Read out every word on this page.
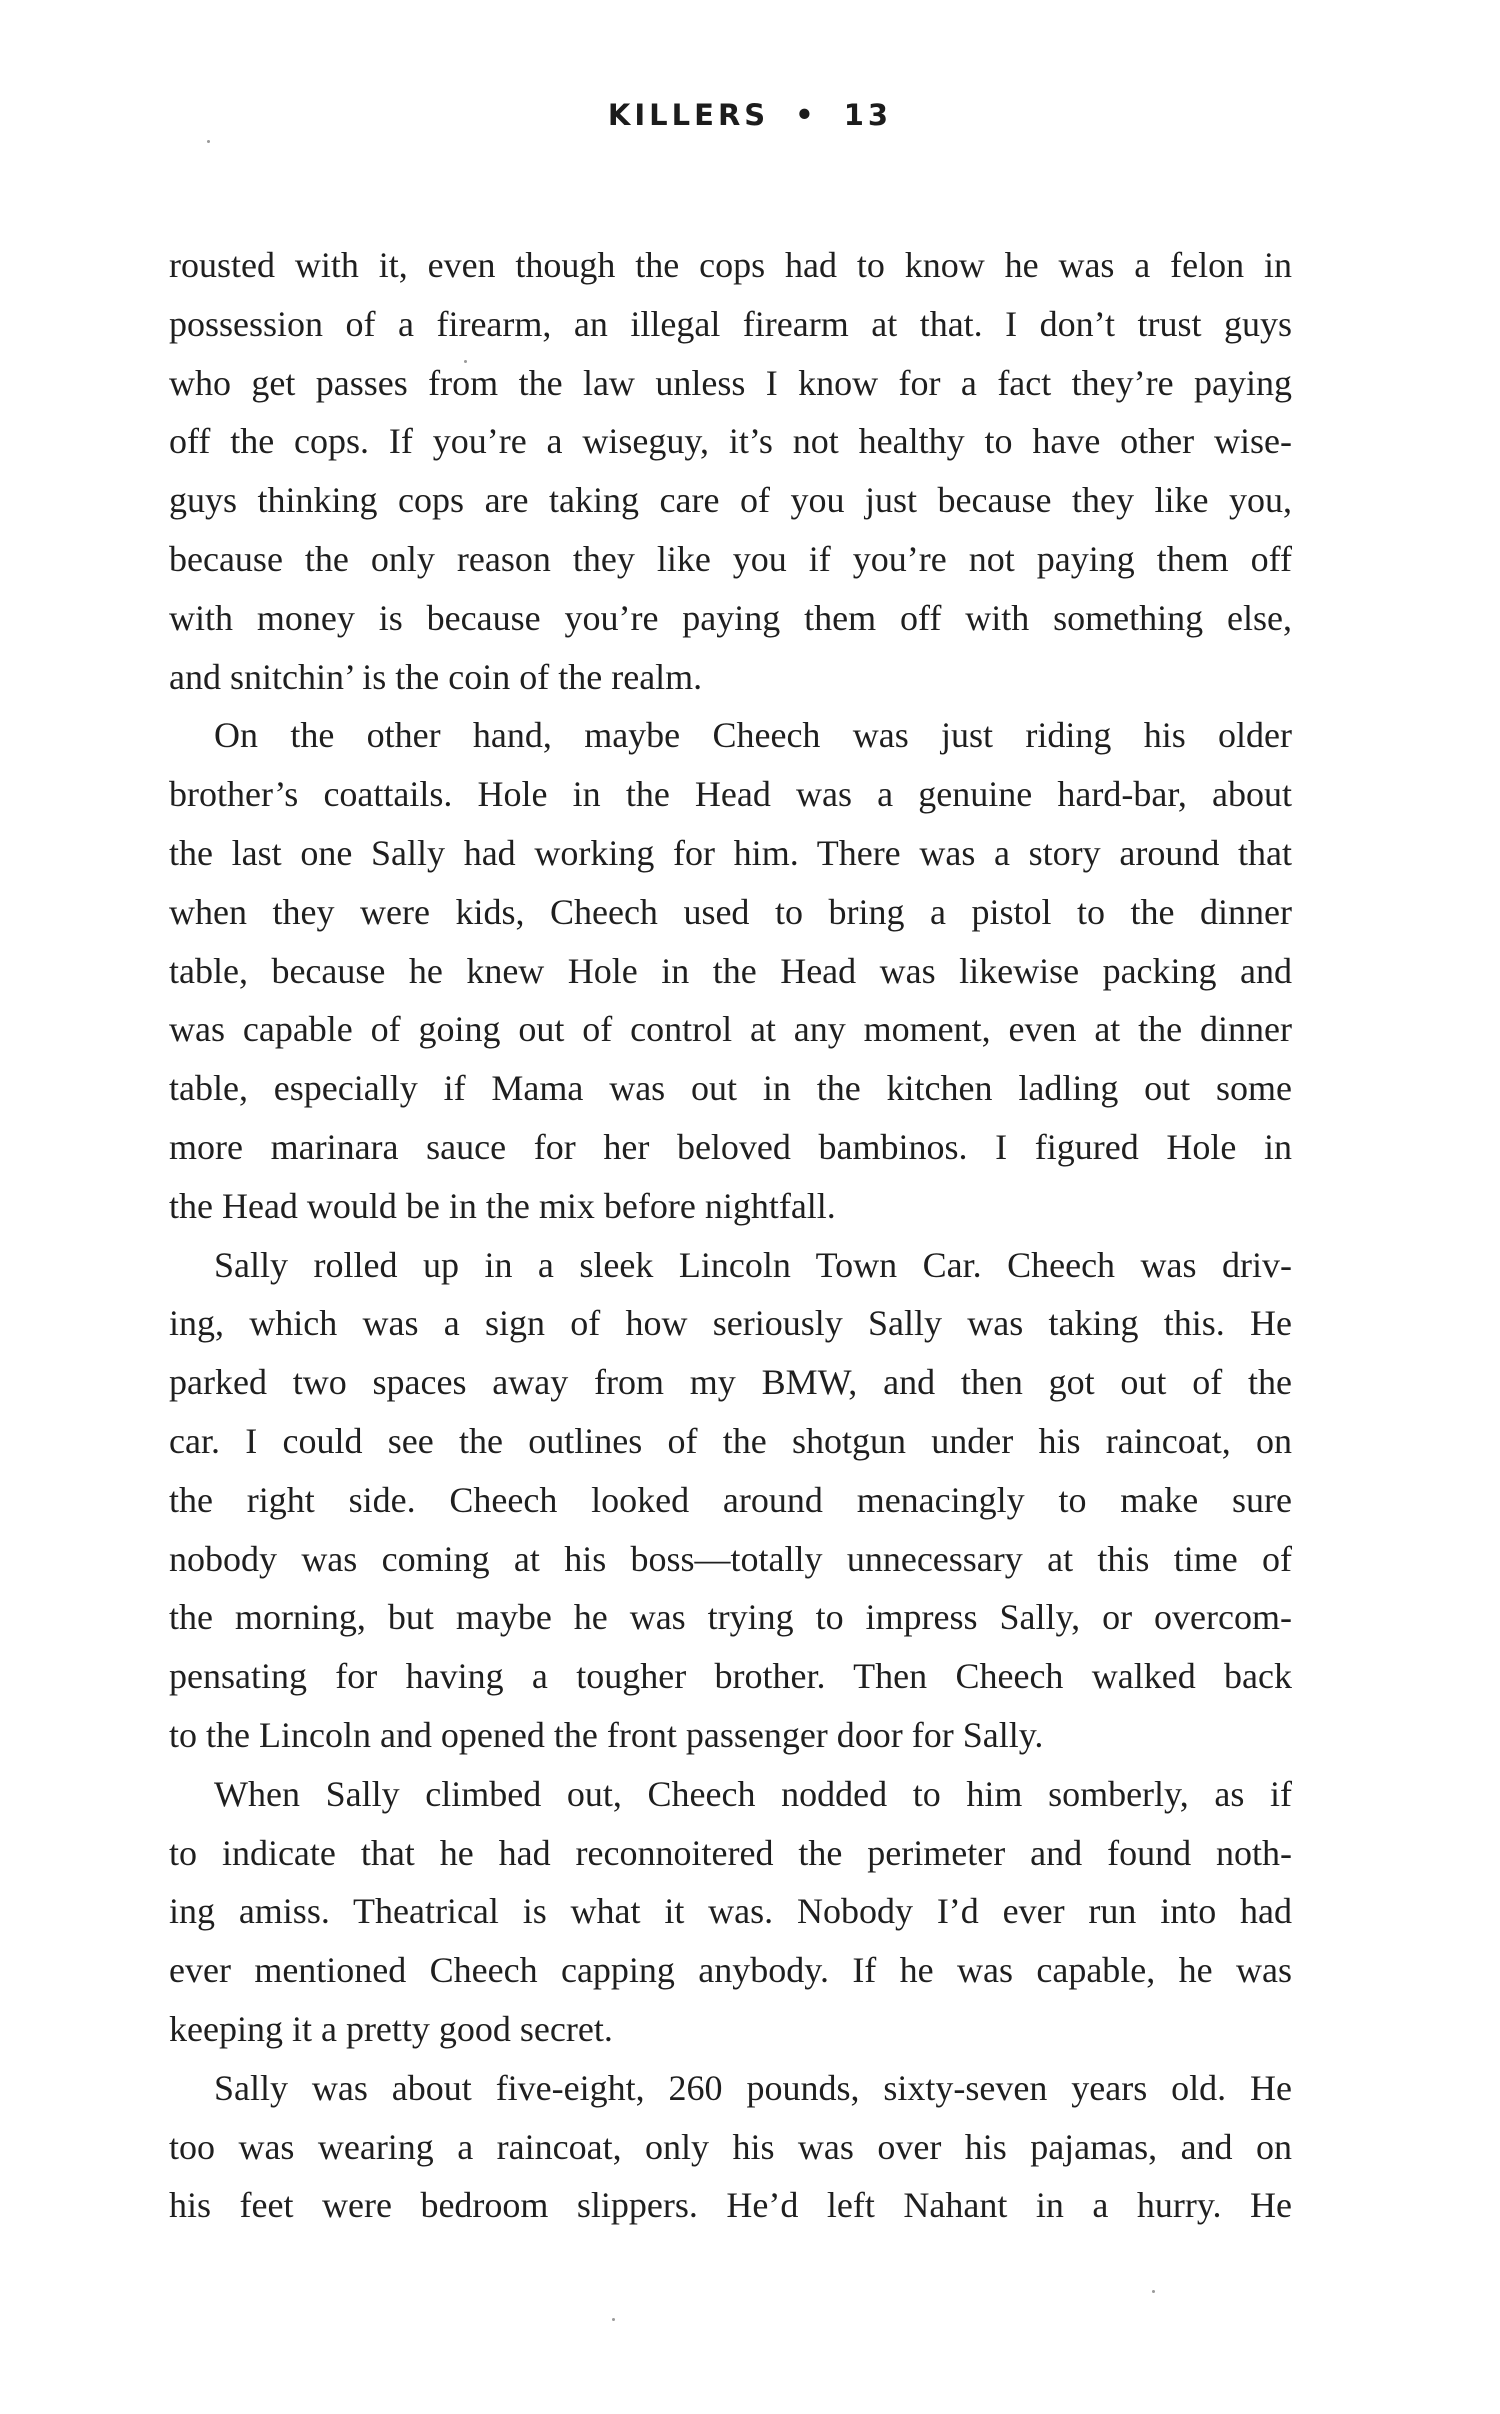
KILLERS • 13

rousted with it, even though the cops had to know he was a felon in
possession of a firearm, an illegal firearm at that. I don’t trust guys
who get passes from the law unless I know for a fact they’re paying
off the cops. If you’re a wiseguy, it’s not healthy to have other wise-
guys thinking cops are taking care of you just because they like you,
because the only reason they like you if you’re not paying them off
with money is because you’re paying them off with something else,
and snitchin’ is the coin of the realm.

On the other hand, maybe Cheech was just riding his older
brother’s coattails. Hole in the Head was a genuine hard-bar, about
the last one Sally had working for him. There was a story around that
when they were kids, Cheech used to bring a pistol to the dinner
table, because he knew Hole in the Head was likewise packing and
was capable of going out of control at any moment, even at the dinner
table, especially if Mama was out in the kitchen ladling out some
more marinara sauce for her beloved bambinos. I figured Hole in
the Head would be in the mix before nightfall.

Sally rolled up in a sleek Lincoln Town Car. Cheech was driv-
ing, which was a sign of how seriously Sally was taking this. He
parked two spaces away from my BMW, and then got out of the
car. I could see the outlines of the shotgun under his raincoat, on
the right side. Cheech looked around menacingly to make sure
nobody was coming at his boss—totally unnecessary at this time of
the morning, but maybe he was trying to impress Sally, or overcom-
pensating for having a tougher brother. Then Cheech walked back
to the Lincoln and opened the front passenger door for Sally.

When Sally climbed out, Cheech nodded to him somberly, as if
to indicate that he had reconnoitered the perimeter and found noth-
ing amiss. Theatrical is what it was. Nobody I’d ever run into had
ever mentioned Cheech capping anybody. If he was capable, he was
keeping it a pretty good secret.

Sally was about five-eight, 260 pounds, sixty-seven years old. He
too was wearing a raincoat, only his was over his pajamas, and on
his feet were bedroom slippers. He’d left Nahant in a hurry. He
